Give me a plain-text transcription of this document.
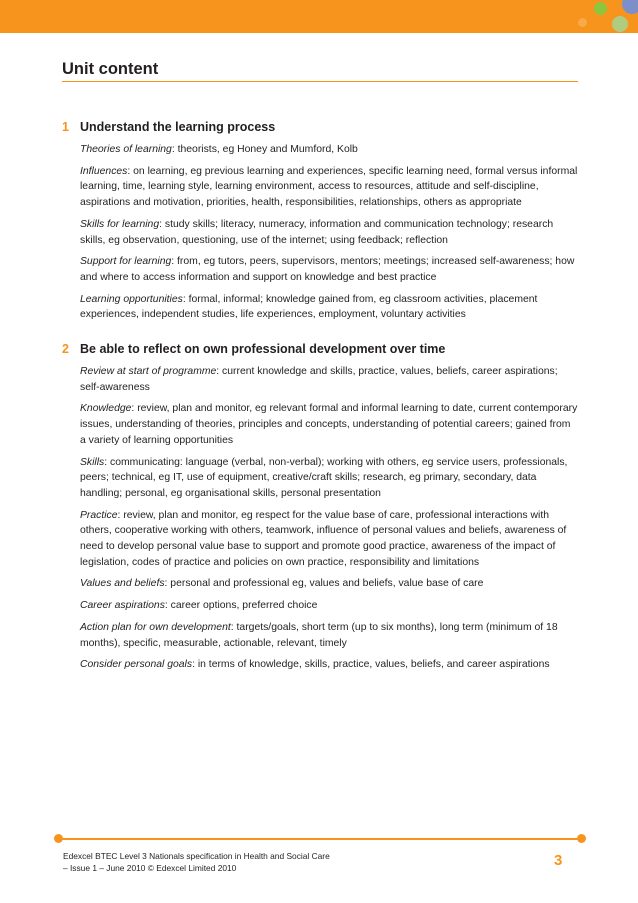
Unit content
1 Understand the learning process

Theories of learning: theorists, eg Honey and Mumford, Kolb

Influences: on learning, eg previous learning and experiences, specific learning need, formal versus informal learning, time, learning style, learning environment, access to resources, attitude and self-discipline, aspirations and motivation, priorities, health, responsibilities, relationships, others as appropriate

Skills for learning: study skills; literacy, numeracy, information and communication technology; research skills, eg observation, questioning, use of the internet; using feedback; reflection

Support for learning: from, eg tutors, peers, supervisors, mentors; meetings; increased self-awareness; how and where to access information and support on knowledge and best practice

Learning opportunities: formal, informal; knowledge gained from, eg classroom activities, placement experiences, independent studies, life experiences, employment, voluntary activities

2 Be able to reflect on own professional development over time

Review at start of programme: current knowledge and skills, practice, values, beliefs, career aspirations; self-awareness

Knowledge: review, plan and monitor, eg relevant formal and informal learning to date, current contemporary issues, understanding of theories, principles and concepts, understanding of potential careers; gained from a variety of learning opportunities

Skills: communicating: language (verbal, non-verbal); working with others, eg service users, professionals, peers; technical, eg IT, use of equipment, creative/craft skills; research, eg primary, secondary, data handling; personal, eg organisational skills, personal presentation

Practice: review, plan and monitor, eg respect for the value base of care, professional interactions with others, cooperative working with others, teamwork, influence of personal values and beliefs, awareness of need to develop personal value base to support and promote good practice, awareness of the impact of legislation, codes of practice and policies on own practice, responsibility and limitations

Values and beliefs: personal and professional eg, values and beliefs, value base of care

Career aspirations: career options, preferred choice

Action plan for own development: targets/goals, short term (up to six months), long term (minimum of 18 months), specific, measurable, actionable, relevant, timely

Consider personal goals: in terms of knowledge, skills, practice, values, beliefs, and career aspirations

Edexcel BTEC Level 3 Nationals specification in Health and Social Care
– Issue 1 – June 2010 © Edexcel Limited 2010	3
